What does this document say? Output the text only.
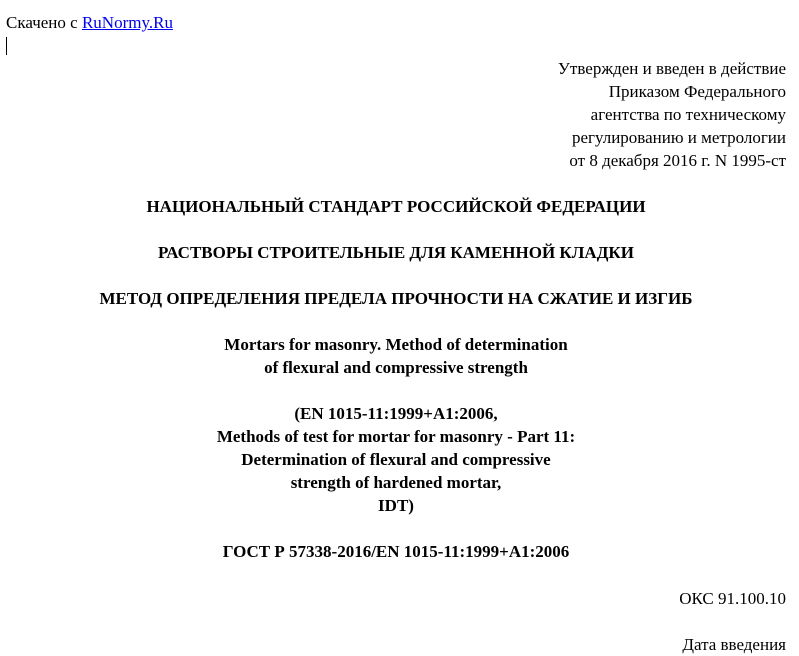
Скачено с RuNormy.Ru
Утвержден и введен в действие
Приказом Федерального
агентства по техническому
регулированию и метрологии
от 8 декабря 2016 г. N 1995-ст
НАЦИОНАЛЬНЫЙ СТАНДАРТ РОССИЙСКОЙ ФЕДЕРАЦИИ
РАСТВОРЫ СТРОИТЕЛЬНЫЕ ДЛЯ КАМЕННОЙ КЛАДКИ
МЕТОД ОПРЕДЕЛЕНИЯ ПРЕДЕЛА ПРОЧНОСТИ НА СЖАТИЕ И ИЗГИБ
Mortars for masonry. Method of determination
of flexural and compressive strength
(EN 1015-11:1999+A1:2006,
Methods of test for mortar for masonry - Part 11:
Determination of flexural and compressive
strength of hardened mortar,
IDT)
ГОСТ Р 57338-2016/EN 1015-11:1999+A1:2006
ОКС 91.100.10
Дата введения
